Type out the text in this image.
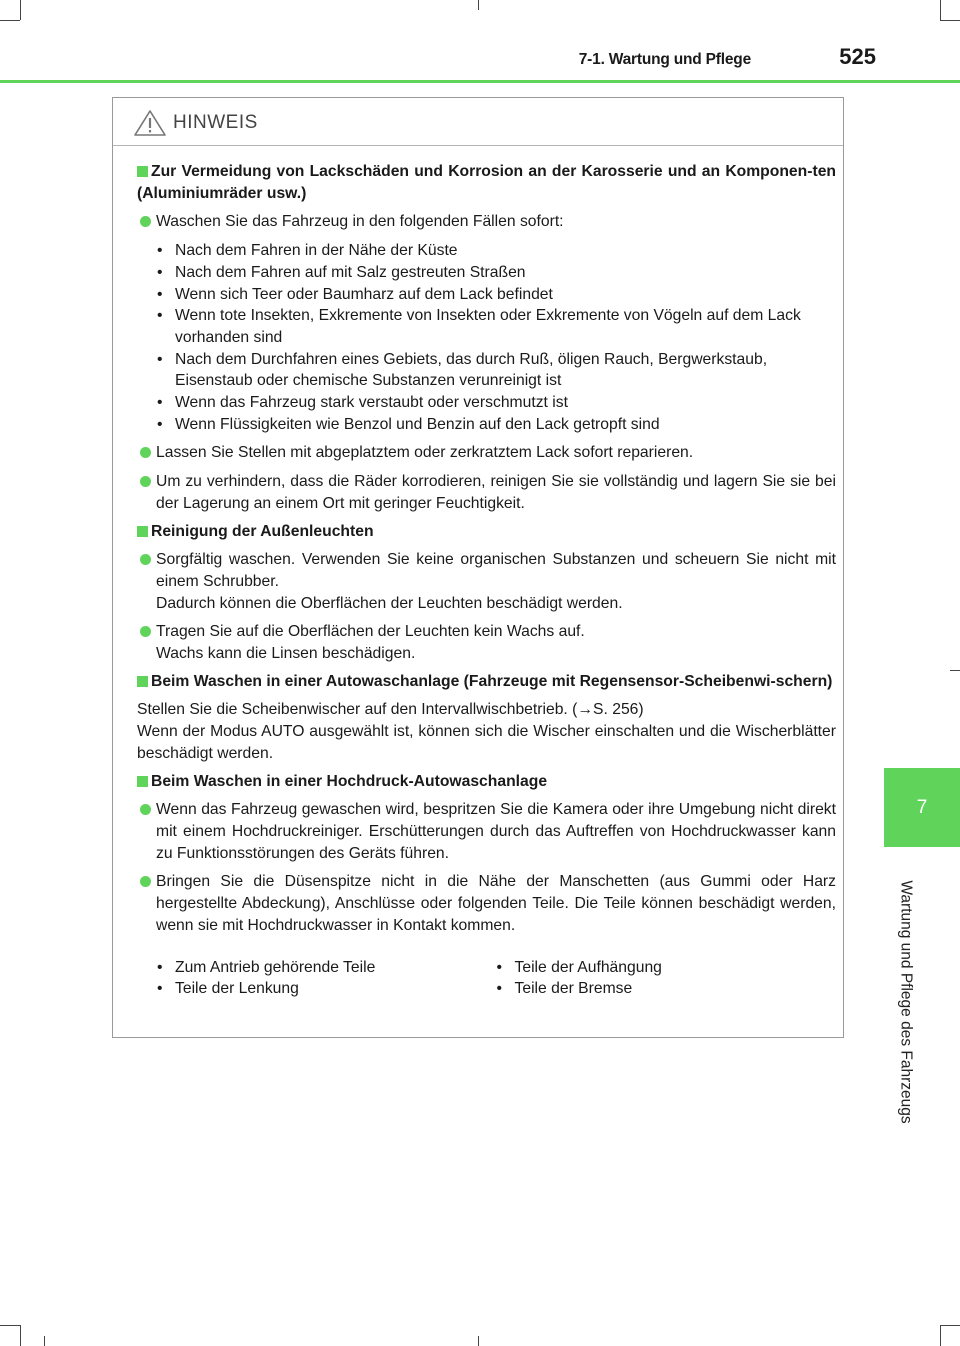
7-1. Wartung und Pflege	525
7
Wartung und Pflege des Fahrzeugs
HINWEIS
Zur Vermeidung von Lackschäden und Korrosion an der Karosserie und an Komponen-ten (Aluminiumräder usw.)
Waschen Sie das Fahrzeug in den folgenden Fällen sofort:
• Nach dem Fahren in der Nähe der Küste
• Nach dem Fahren auf mit Salz gestreuten Straßen
• Wenn sich Teer oder Baumharz auf dem Lack befindet
• Wenn tote Insekten, Exkremente von Insekten oder Exkremente von Vögeln auf dem Lack vorhanden sind
• Nach dem Durchfahren eines Gebiets, das durch Ruß, öligen Rauch, Bergwerkstaub, Eisenstaub oder chemische Substanzen verunreinigt ist
• Wenn das Fahrzeug stark verstaubt oder verschmutzt ist
• Wenn Flüssigkeiten wie Benzol und Benzin auf den Lack getropft sind
Lassen Sie Stellen mit abgeplatztem oder zerkratztem Lack sofort reparieren.
Um zu verhindern, dass die Räder korrodieren, reinigen Sie sie vollständig und lagern Sie sie bei der Lagerung an einem Ort mit geringer Feuchtigkeit.
Reinigung der Außenleuchten
Sorgfältig waschen. Verwenden Sie keine organischen Substanzen und scheuern Sie nicht mit einem Schrubber.
Dadurch können die Oberflächen der Leuchten beschädigt werden.
Tragen Sie auf die Oberflächen der Leuchten kein Wachs auf.
Wachs kann die Linsen beschädigen.
Beim Waschen in einer Autowaschanlage (Fahrzeuge mit Regensensor-Scheibenwi-schern)
Stellen Sie die Scheibenwischer auf den Intervallwischbetrieb. (→S. 256)
Wenn der Modus AUTO ausgewählt ist, können sich die Wischer einschalten und die Wischerblätter beschädigt werden.
Beim Waschen in einer Hochdruck-Autowaschanlage
Wenn das Fahrzeug gewaschen wird, bespritzen Sie die Kamera oder ihre Umgebung nicht direkt mit einem Hochdruckreiniger. Erschütterungen durch das Auftreffen von Hochdruckwasser kann zu Funktionsstörungen des Geräts führen.
Bringen Sie die Düsenspitze nicht in die Nähe der Manschetten (aus Gummi oder Harz hergestellte Abdeckung), Anschlüsse oder folgenden Teile. Die Teile können beschädigt werden, wenn sie mit Hochdruckwasser in Kontakt kommen.
• Zum Antrieb gehörende Teile
• Teile der Lenkung
• Teile der Aufhängung
• Teile der Bremse
